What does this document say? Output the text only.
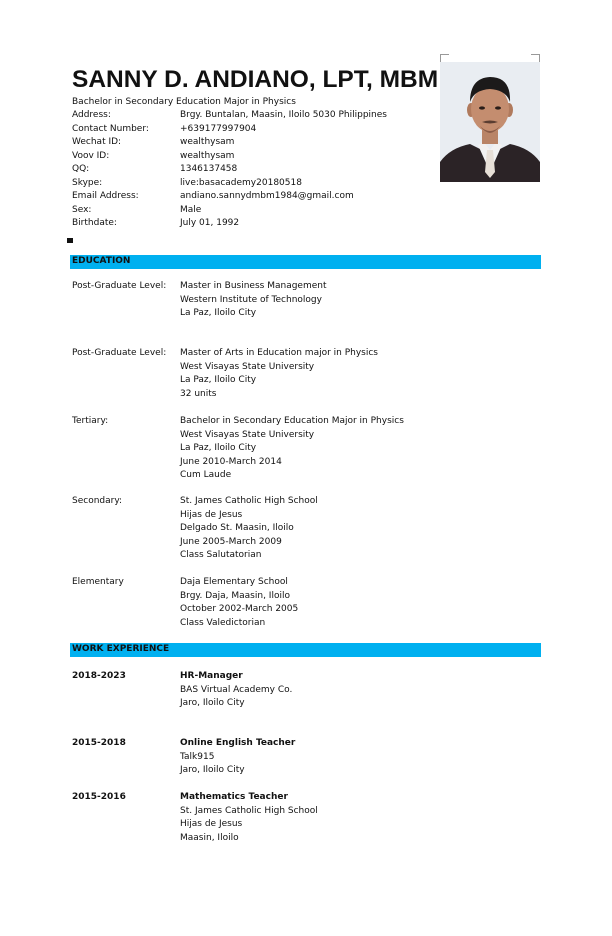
SANNY D. ANDIANO, LPT, MBM
Bachelor in Secondary Education Major in Physics
Address:	Brgy. Buntalan, Maasin, Iloilo 5030 Philippines
Contact Number:	+639177997904
Wechat ID:	wealthysam
Voov ID:	wealthysam
QQ:	1346137458
Skype:	live:basacademy20180518
Email Address:	andiano.sannydmbm1984@gmail.com
Sex:	Male
Birthdate:	July 01, 1992
EDUCATION
Post-Graduate Level: Master in Business Management
Western Institute of Technology
La Paz, Iloilo City
Post-Graduate Level: Master of Arts in Education major in Physics
West Visayas State University
La Paz, Iloilo City
32 units
Tertiary:	Bachelor in Secondary Education Major in Physics
West Visayas State University
La Paz, Iloilo City
June 2010-March 2014
Cum Laude
Secondary:	St. James Catholic High School
Hijas de Jesus
Delgado St. Maasin, Iloilo
June 2005-March 2009
Class Salutatorian
Elementary	Daja Elementary School
Brgy. Daja, Maasin, Iloilo
October 2002-March 2005
Class Valedictorian
WORK EXPERIENCE
2018-2023	HR-Manager
BAS Virtual Academy Co.
Jaro, Iloilo City
2015-2018	Online English Teacher
Talk915
Jaro, Iloilo City
2015-2016	Mathematics Teacher
St. James Catholic High School
Hijas de Jesus
Maasin, Iloilo
